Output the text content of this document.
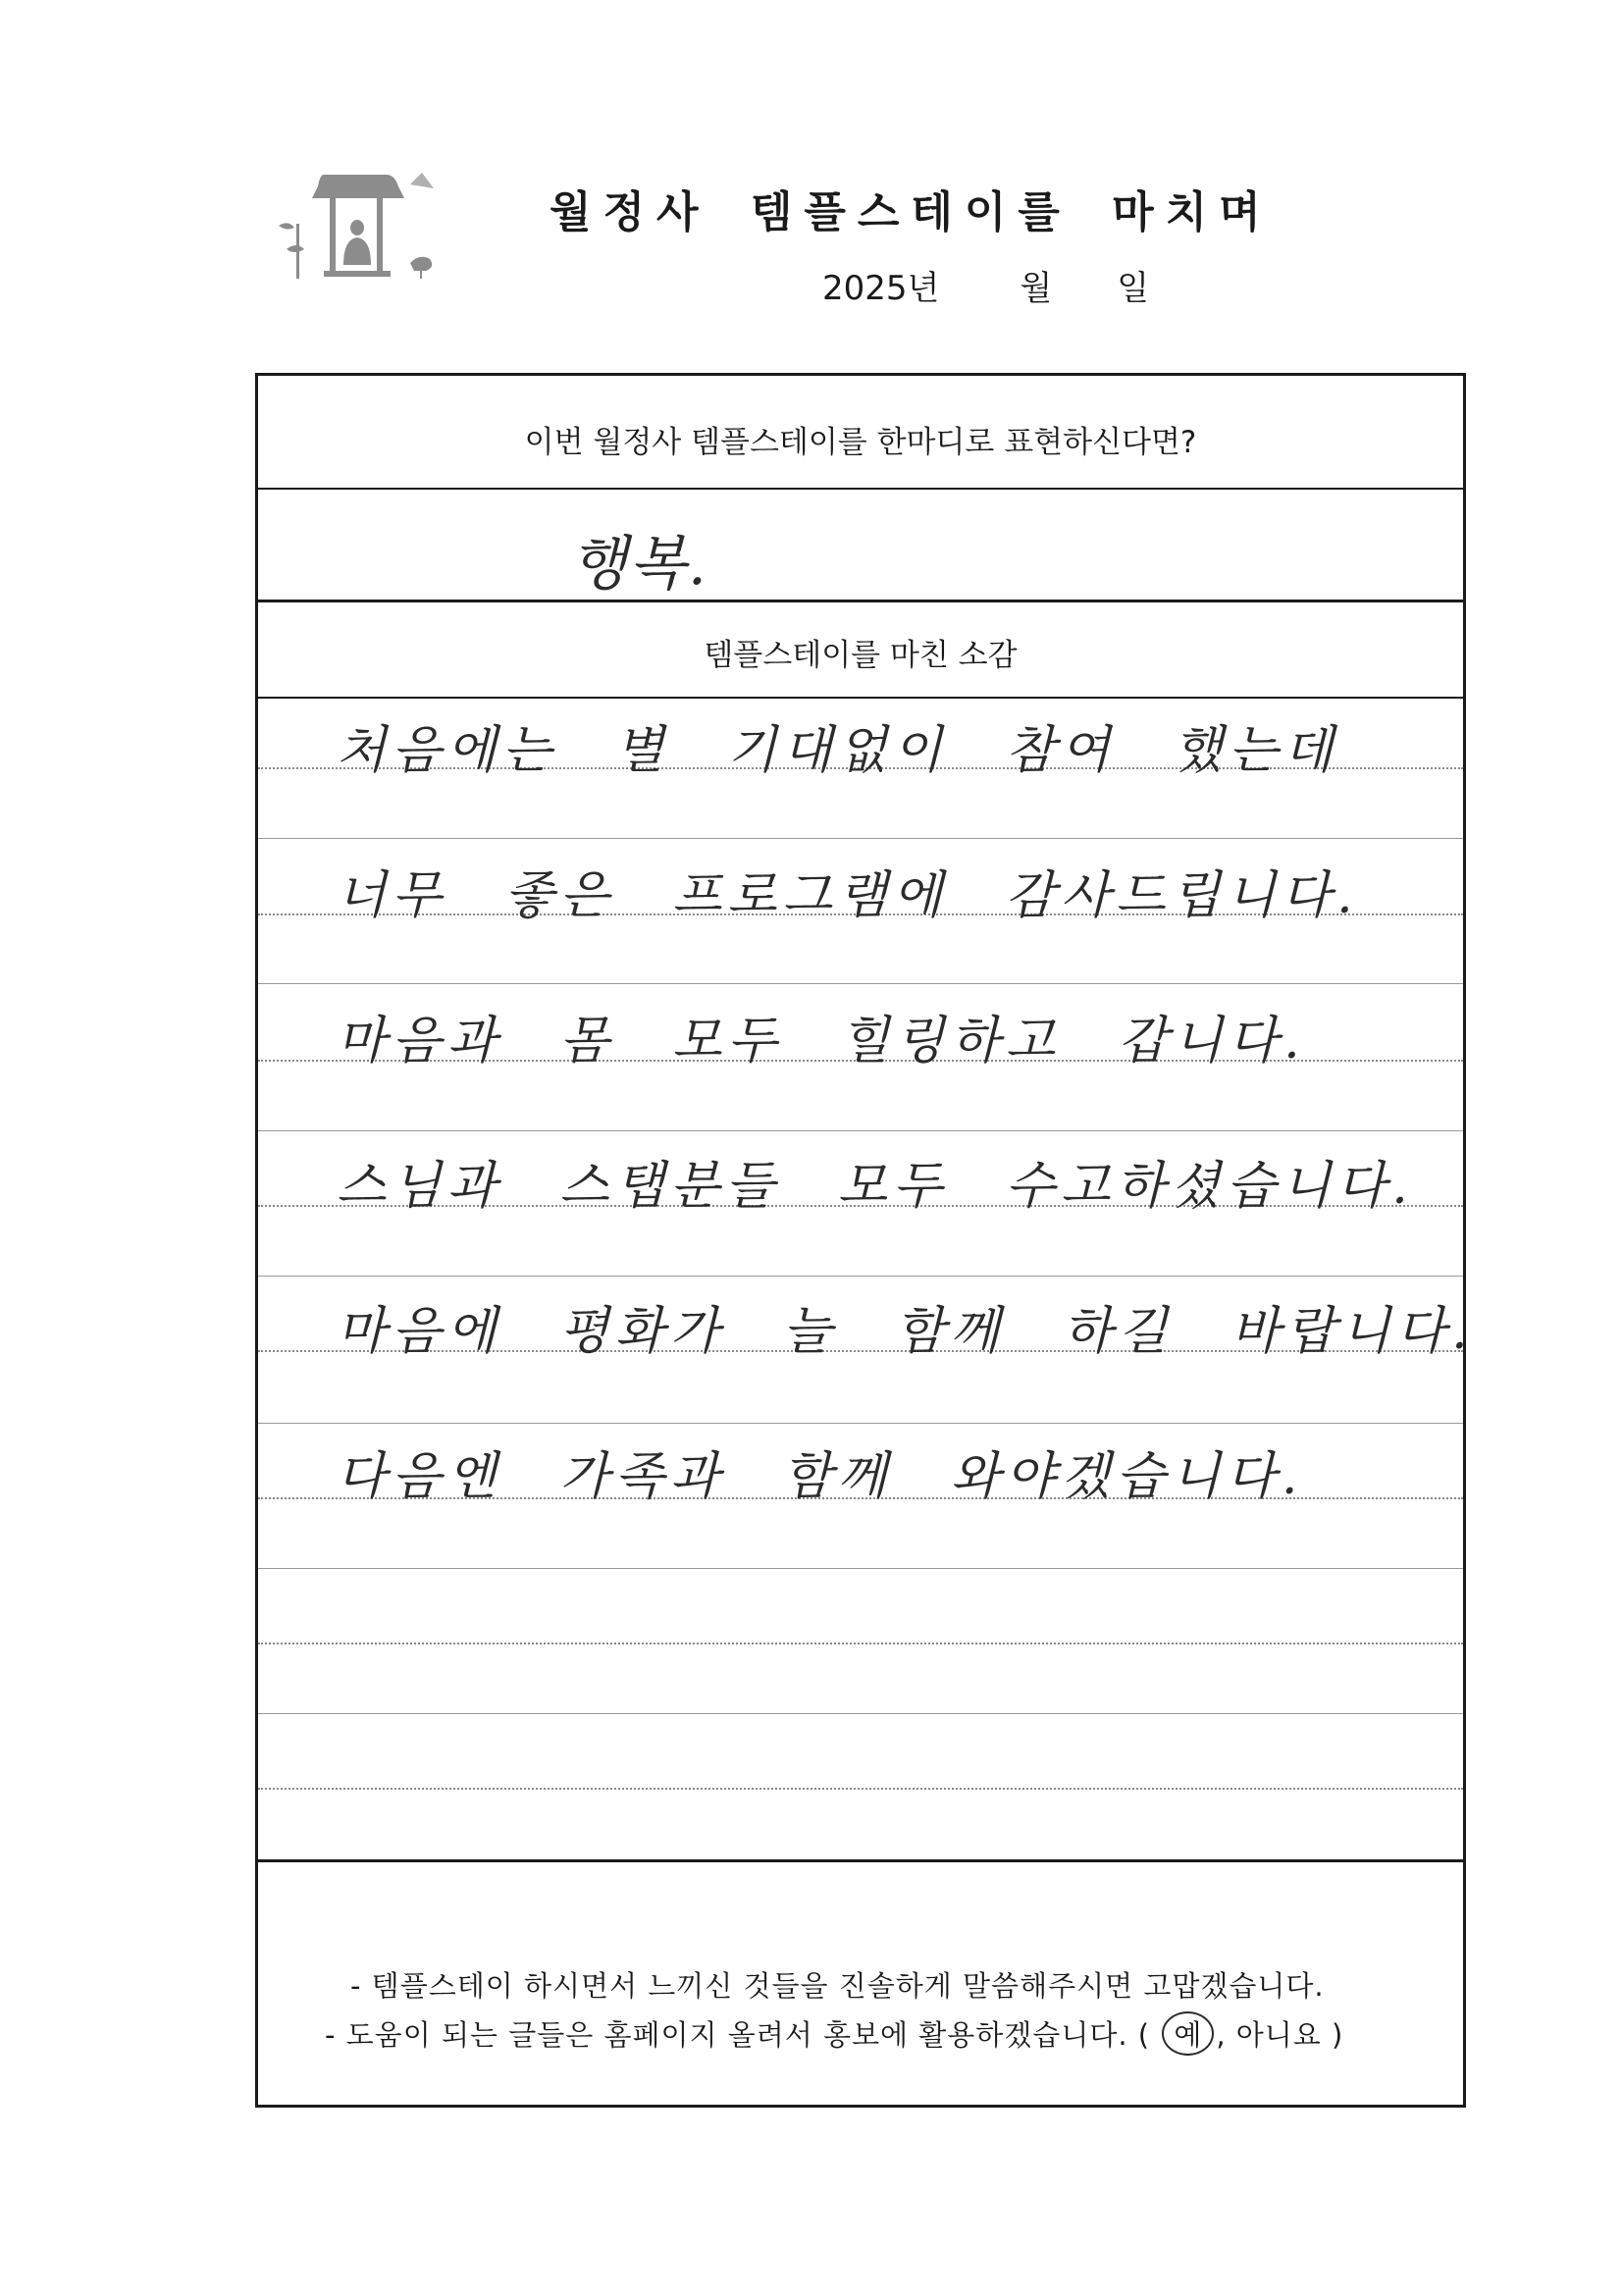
월정사 템플스테이를 마치며
2025년 월 일
이번 월정사 템플스테이를 한마디로 표현하신다면?
행복.
템플스테이를 마친 소감
처음에는 별 기대없이 참여 했는데
너무 좋은 프로그램에 감사드립니다.
마음과 몸 모두 힐링하고 갑니다.
스님과 스탭분들 모두 수고하셨습니다.
마음에 평화가 늘 함께 하길 바랍니다.
다음엔 가족과 함께 와야겠습니다.
- 템플스테이 하시면서 느끼신 것들을 진솔하게 말씀해주시면 고맙겠습니다.
- 도움이 되는 글들은 홈페이지 올려서 홍보에 활용하겠습니다. ( 예 , 아니요 )
